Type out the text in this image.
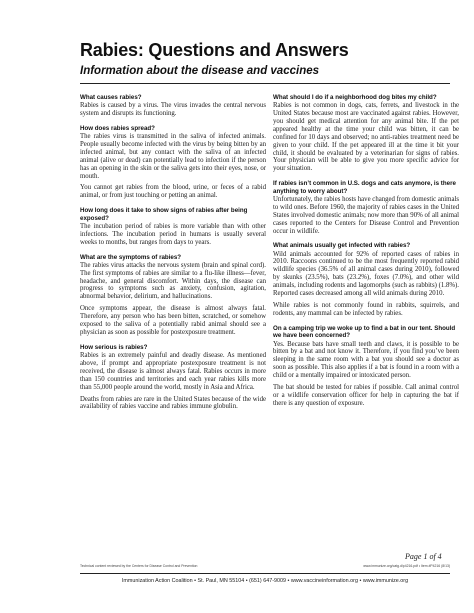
Rabies: Questions and Answers
Information about the disease and vaccines
What causes rabies?
Rabies is caused by a virus. The virus invades the central nervous system and disrupts its functioning.
How does rabies spread?
The rabies virus is transmitted in the saliva of infected animals. People usually become infected with the virus by being bitten by an infected animal, but any contact with the saliva of an infected animal (alive or dead) can potentially lead to infection if the person has an opening in the skin or the saliva gets into their eyes, nose, or mouth.
You cannot get rabies from the blood, urine, or feces of a rabid animal, or from just touching or petting an animal.
How long does it take to show signs of rabies after being exposed?
The incubation period of rabies is more variable than with other infections. The incubation period in humans is usually several weeks to months, but ranges from days to years.
What are the symptoms of rabies?
The rabies virus attacks the nervous system (brain and spinal cord). The first symptoms of rabies are similar to a flu-like illness—fever, headache, and general discomfort. Within days, the disease can progress to symptoms such as anxiety, confusion, agitation, abnormal behavior, delirium, and hallucinations.
Once symptoms appear, the disease is almost always fatal. Therefore, any person who has been bitten, scratched, or somehow exposed to the saliva of a potentially rabid animal should see a physician as soon as possible for postexposure treatment.
How serious is rabies?
Rabies is an extremely painful and deadly disease. As mentioned above, if prompt and appropriate postexposure treatment is not received, the disease is almost always fatal. Rabies occurs in more than 150 countries and territories and each year rabies kills more than 55,000 people around the world, mostly in Asia and Africa.
Deaths from rabies are rare in the United States because of the wide availability of rabies vaccine and rabies immune globulin.
What should I do if a neighborhood dog bites my child?
Rabies is not common in dogs, cats, ferrets, and livestock in the United States because most are vaccinated against rabies. However, you should get medical attention for any animal bite. If the pet appeared healthy at the time your child was bitten, it can be confined for 10 days and observed; no anti-rabies treatment need be given to your child. If the pet appeared ill at the time it bit your child, it should be evaluated by a veterinarian for signs of rabies. Your physician will be able to give you more specific advice for your situation.
If rabies isn’t common in U.S. dogs and cats anymore, is there anything to worry about?
Unfortunately, the rabies hosts have changed from domestic animals to wild ones. Before 1960, the majority of rabies cases in the United States involved domestic animals; now more than 90% of all animal cases reported to the Centers for Disease Control and Prevention occur in wildlife.
What animals usually get infected with rabies?
Wild animals accounted for 92% of reported cases of rabies in 2010. Raccoons continued to be the most frequently reported rabid wildlife species (36.5% of all animal cases during 2010), followed by skunks (23.5%), bats (23.2%), foxes (7.0%), and other wild animals, including rodents and lagomorphs (such as rabbits) (1.8%). Reported cases decreased among all wild animals during 2010.
While rabies is not commonly found in rabbits, squirrels, and rodents, any mammal can be infected by rabies.
On a camping trip we woke up to find a bat in our tent. Should we have been concerned?
Yes. Because bats have small teeth and claws, it is possible to be bitten by a bat and not know it. Therefore, if you find you’ve been sleeping in the same room with a bat you should see a doctor as soon as possible. This also applies if a bat is found in a room with a child or a mentally impaired or intoxicated person.
The bat should be tested for rabies if possible. Call animal control or a wildlife conservation officer for help in capturing the bat if there is any question of exposure.
Page 1 of 4
Technical content reviewed by the Centers for Disease Control and Prevention	www.immunize.org/catg.d/p4216.pdf • Item #P4216 (8/13)
Immunization Action Coalition • St. Paul, MN 55104 • (651) 647-9009 • www.vaccineinformation.org • www.immunize.org
